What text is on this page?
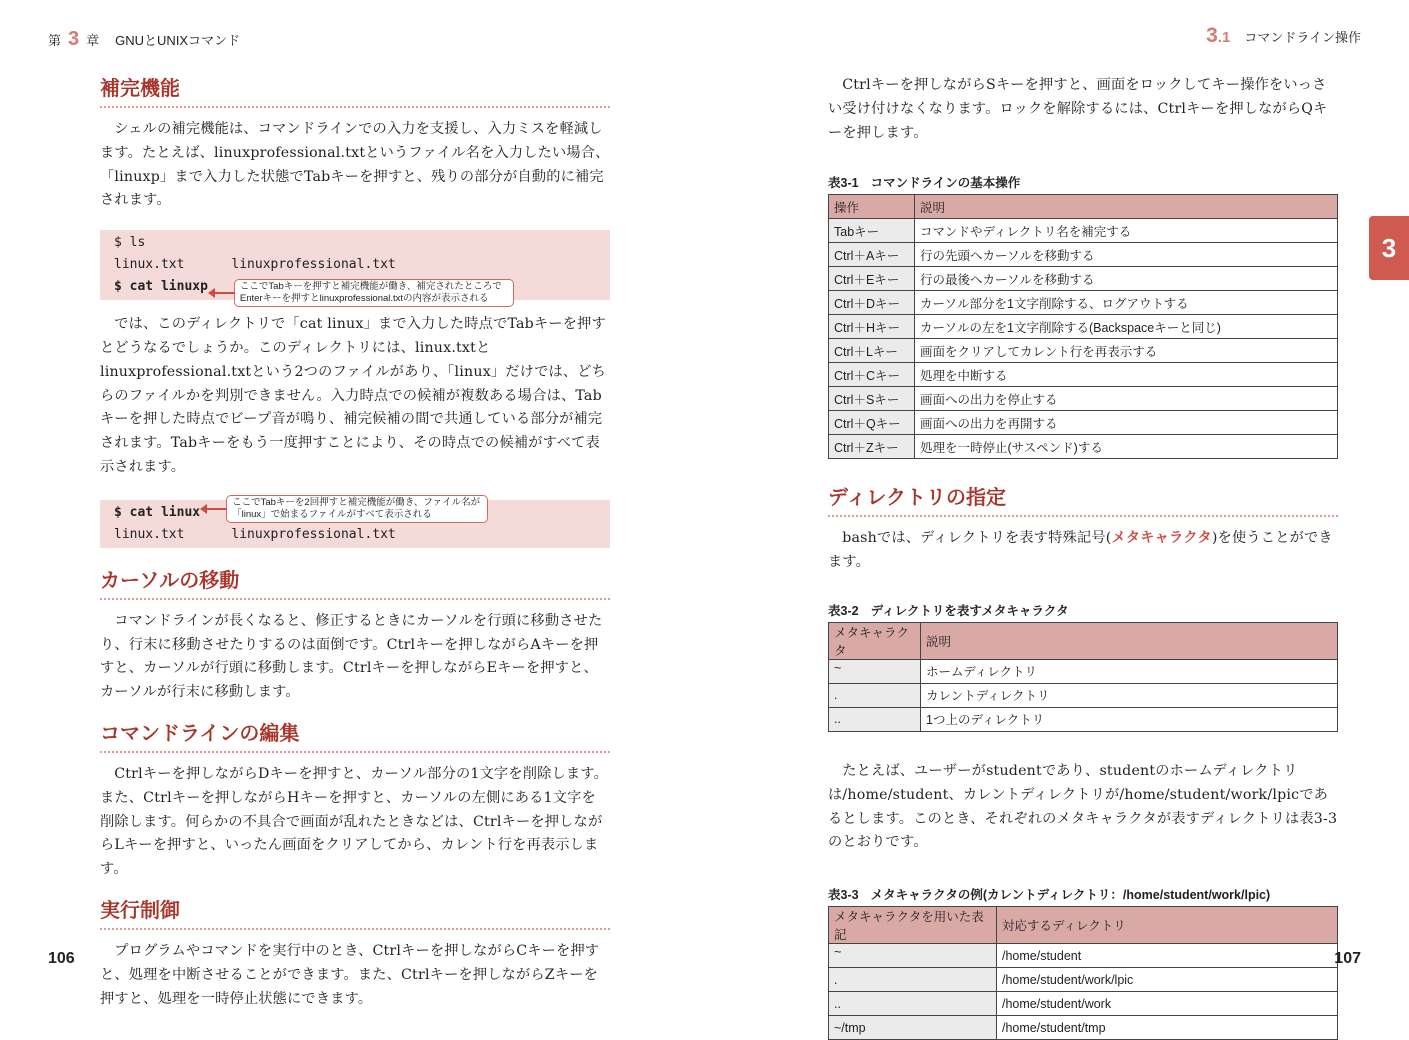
第 3 章 GNUとUNIXコマンド
補完機能

シェルの補完機能は、コマンドラインでの入力を支援し、入力ミスを軽減します。たとえば、linuxprofessional.txtというファイル名を入力したい場合、「linuxp」まで入力した状態でTabキーを押すと、残りの部分が自動的に補完されます。

$ ls
linux.txt      linuxprofessional.txt
$ cat linuxp	ここでTabキーを押すと補完機能が働き、補完されたところでEnterキーを押すとlinuxprofessional.txtの内容が表示される

では、このディレクトリで「cat linux」まで入力した時点でTabキーを押すとどうなるでしょうか。このディレクトリには、linux.txtとlinuxprofessional.txtという2つのファイルがあり、「linux」だけでは、どちらのファイルかを判別できません。入力時点での候補が複数ある場合は、Tabキーを押した時点でビープ音が鳴り、補完候補の間で共通している部分が補完されます。Tabキーをもう一度押すことにより、その時点での候補がすべて表示されます。

$ cat linux
ここでTabキーを2回押すと補完機能が働き、ファイル名が「linux」で始まるファイルがすべて表示される
linux.txt      linuxprofessional.txt
カーソルの移動

コマンドラインが長くなると、修正するときにカーソルを行頭に移動させたり、行末に移動させたりするのは面倒です。Ctrlキーを押しながらAキーを押すと、カーソルが行頭に移動します。Ctrlキーを押しながらEキーを押すと、カーソルが行末に移動します。

コマンドラインの編集

Ctrlキーを押しながらDキーを押すと、カーソル部分の1文字を削除します。また、Ctrlキーを押しながらHキーを押すと、カーソルの左側にある1文字を削除します。何らかの不具合で画面が乱れたときなどは、Ctrlキーを押しながらLキーを押すと、いったん画面をクリアしてから、カレント行を再表示します。

実行制御

プログラムやコマンドを実行中のとき、Ctrlキーを押しながらCキーを押すと、処理を中断させることができます。また、Ctrlキーを押しながらZキーを押すと、処理を一時停止状態にできます。

106
3.1 コマンドライン操作
3

Ctrlキーを押しながらSキーを押すと、画面をロックしてキー操作をいっさい受け付けなくなります。ロックを解除するには、Ctrlキーを押しながらQキーを押します。

表3-1 コマンドラインの基本操作
操作	説明
Tabキー	コマンドやディレクトリ名を補完する
Ctrl＋Aキー	行の先頭へカーソルを移動する
Ctrl＋Eキー	行の最後へカーソルを移動する
Ctrl＋Dキー	カーソル部分を1文字削除する、ログアウトする
Ctrl＋Hキー	カーソルの左を1文字削除する(Backspaceキーと同じ)
Ctrl＋Lキー	画面をクリアしてカレント行を再表示する
Ctrl＋Cキー	処理を中断する
Ctrl＋Sキー	画面への出力を停止する
Ctrl＋Qキー	画面への出力を再開する
Ctrl＋Zキー	処理を一時停止(サスペンド)する
ディレクトリの指定

bashでは、ディレクトリを表す特殊記号(メタキャラクタ)を使うことができます。

表3-2 ディレクトリを表すメタキャラクタ
メタキャラクタ	説明
~	ホームディレクトリ
.	カレントディレクトリ
..	1つ上のディレクトリ

たとえば、ユーザーがstudentであり、studentのホームディレクトリは/home/student、カレントディレクトリが/home/student/work/lpicであるとします。このとき、それぞれのメタキャラクタが表すディレクトリは表3-3のとおりです。

表3-3 メタキャラクタの例(カレントディレクトリ：/home/student/work/lpic)
メタキャラクタを用いた表記	対応するディレクトリ
~	/home/student
.	/home/student/work/lpic
..	/home/student/work
~/tmp	/home/student/tmp
107
